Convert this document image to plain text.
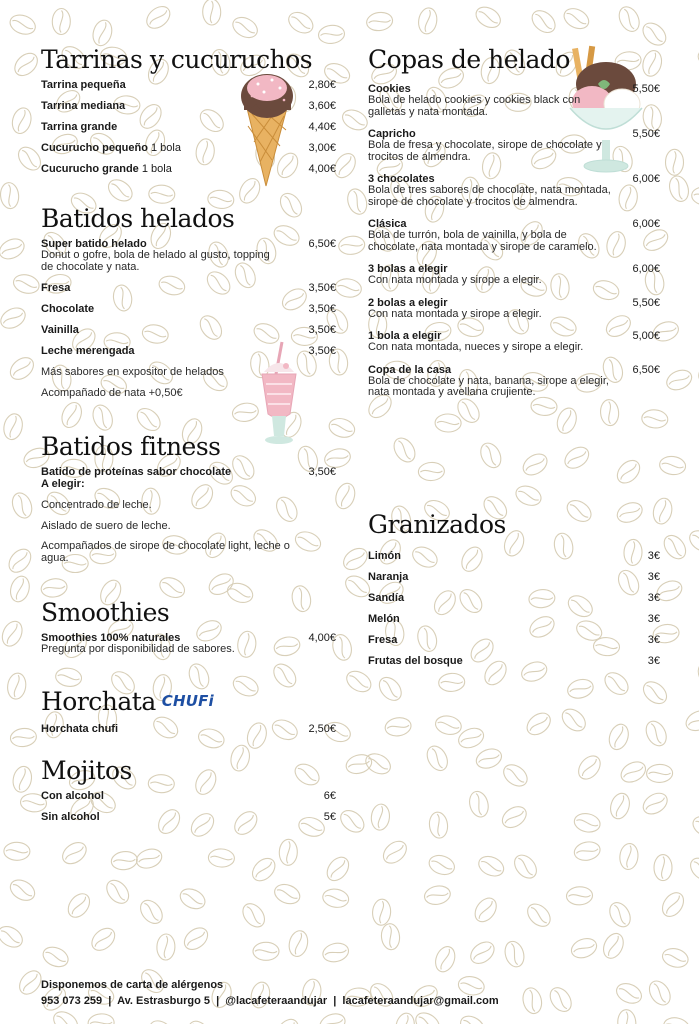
Tarrinas y cucuruchos
Tarrina pequeña	2,80€
Tarrina mediana	3,60€
Tarrina grande	4,40€
Cucurucho pequeño 1 bola	3,00€
Cucurucho grande 1 bola	4,00€
Batidos helados
Super batido helado	6,50€
Donut o gofre, bola de helado al gusto, topping de chocolate y nata.
Fresa	3,50€
Chocolate	3,50€
Vainilla	3,50€
Leche merengada	3,50€
Más sabores en expositor de helados
Acompañado de nata +0,50€
Batidos fitness
Batido de proteínas sabor chocolate	3,50€
A elegir:
Concentrado de leche.
Aislado de suero de leche.
Acompañados de sirope de chocolate light, leche o agua.
Smoothies
Smoothies 100% naturales	4,00€
Pregunta por disponibilidad de sabores.
Horchata CHUFi
Horchata chufi	2,50€
Mojitos
Con alcohol	6€
Sin alcohol	5€
Copas de helado
Cookies	5,50€
Bola de helado cookies y cookies black con galletas y nata montada.
Capricho	5,50€
Bola de fresa y chocolate, sirope de chocolate y trocitos de almendra.
3 chocolates	6,00€
Bola de tres sabores de chocolate, nata montada, sirope de chocolate y trocitos de almendra.
Clásica	6,00€
Bola de turrón, bola de vainilla, y bola de chocolate, nata montada y sirope de caramelo.
3 bolas a elegir	6,00€
Con nata montada y sirope a elegir.
2 bolas a elegir	5,50€
Con nata montada y sirope a elegir.
1 bola a elegir	5,00€
Con nata montada, nueces y sirope a elegir.
Copa de la casa	6,50€
Bola de chocolate y nata, banana, sirope a elegir, nata montada y avellana crujiente.
Granizados
Limón	3€
Naranja	3€
Sandía	3€
Melón	3€
Fresa	3€
Frutas del bosque	3€
Disponemos de carta de alérgenos
953 073 259  |  Av. Estrasburgo 5  |  @lacafeteraandujar  |  lacafeteraandujar@gmail.com
